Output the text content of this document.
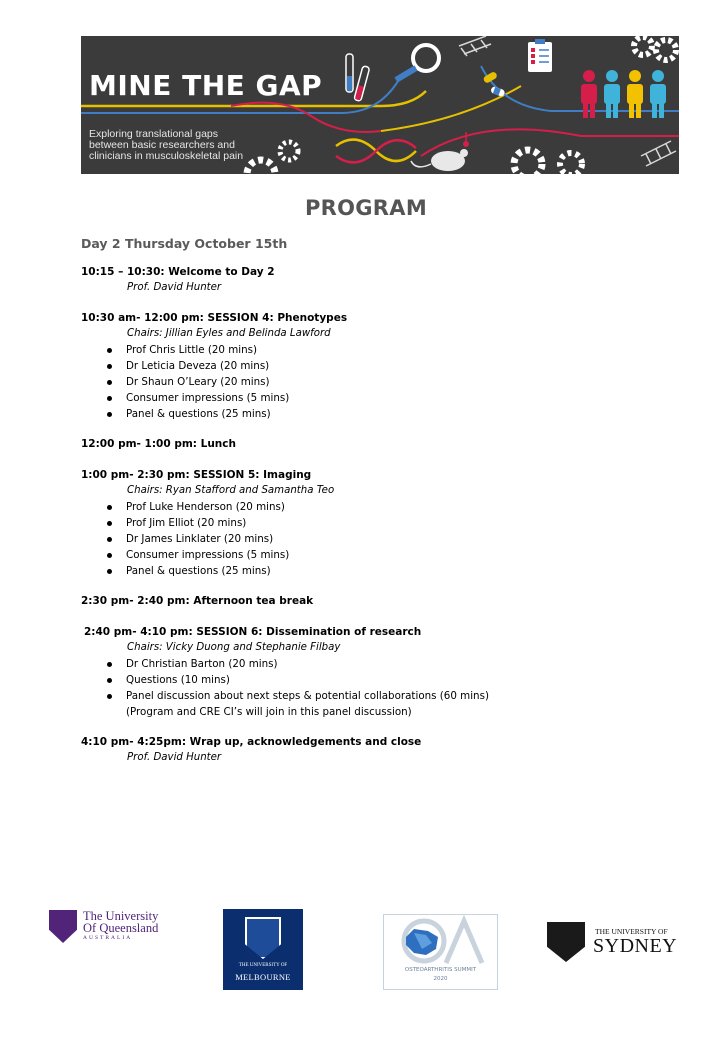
MINE THE GAP
Exploring translational gaps
between basic researchers and
clinicians in musculoskeletal pain
PROGRAM
Day 2 Thursday October 15th
10:15 – 10:30: Welcome to Day 2
Prof. David Hunter
10:30 am- 12:00 pm: SESSION 4: Phenotypes
Chairs: Jillian Eyles and Belinda Lawford
Prof Chris Little (20 mins)
Dr Leticia Deveza (20 mins)
Dr Shaun O’Leary (20 mins)
Consumer impressions (5 mins)
Panel & questions (25 mins)
12:00 pm- 1:00 pm: Lunch
1:00 pm- 2:30 pm: SESSION 5: Imaging
Chairs: Ryan Stafford and Samantha Teo
Prof Luke Henderson (20 mins)
Prof Jim Elliot (20 mins)
Dr James Linklater (20 mins)
Consumer impressions (5 mins)
Panel & questions (25 mins)
2:30 pm- 2:40 pm: Afternoon tea break
2:40 pm- 4:10 pm: SESSION 6: Dissemination of research
Chairs: Vicky Duong and Stephanie Filbay
Dr Christian Barton (20 mins)
Questions (10 mins)
Panel discussion about next steps & potential collaborations (60 mins)
(Program and CRE CI’s will join in this panel discussion)
4:10 pm- 4:25pm: Wrap up, acknowledgements and close
Prof. David Hunter
The University
Of Queensland
AUSTRALIA
THE UNIVERSITY OF
MELBOURNE
OSTEOARTHRITIS SUMMIT
2020
THE UNIVERSITY OF
SYDNEY
